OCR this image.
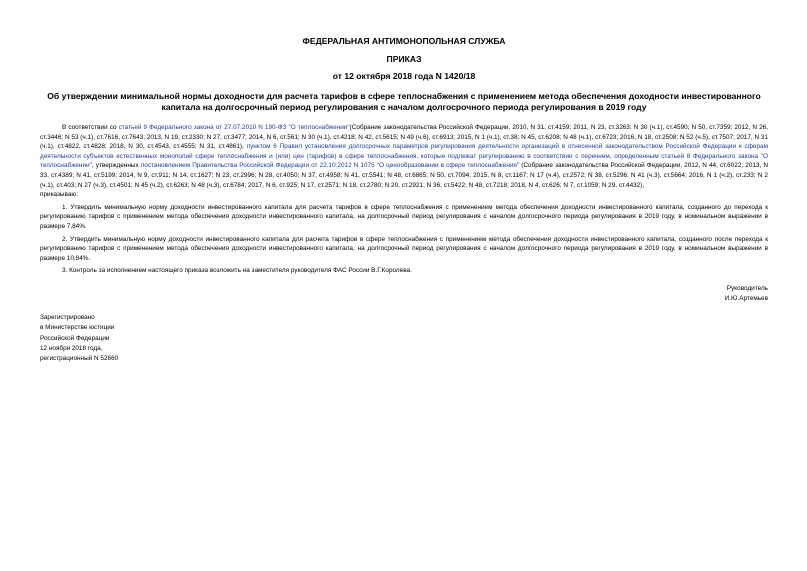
ФЕДЕРАЛЬНАЯ АНТИМОНОПОЛЬНАЯ СЛУЖБА

ПРИКАЗ

от 12 октября 2018 года N 1420/18

Об утверждении минимальной нормы доходности для расчета тарифов в сфере теплоснабжения с применением метода обеспечения доходности инвестированного капитала на долгосрочный период регулирования с началом долгосрочного периода регулирования в 2019 году

В соответствии со статьей 9 Федерального закона от 27.07.2010 N 190-ФЗ "О теплоснабжении"(Собрание законодательства Российской Федерации, 2010, N 31, ст.4159; 2011, N 23, ст.3263; N 30 (ч.1), ст.4590; N 50, ст.7359; 2012, N 26, ст.3446; N 53 (ч.1), ст.7616, ст.7643; 2013, N 19, ст.2330; N 27, ст.3477; 2014, N 6, ст.561; N 30 (ч.1), ст.4218; N 42, ст.5615; N 49 (ч.6), ст.6913; 2015, N 1 (ч.1), ст.38; N 45, ст.6208; N 48 (ч.1), ст.6723; 2016, N 18, ст.2508; N 52 (ч.5), ст.7507; 2017, N 31 (ч.1), ст.4822, ст.4828; 2018, N 30, ст.4543, ст.4555; N 31, ст.4861), пунктом 6 Правил установления долгосрочных параметров регулирования деятельности организаций в отнесенной законодательством Российской Федерации к сферам деятельности субъектов естественных монополий сфере теплоснабжения и (или) цен (тарифов) в сфере теплоснабжения, которые подлежат регулированию в соответствии с перечнем, определенным статьей 8 Федерального закона "О теплоснабжении", утвержденных постановлением Правительства Российской Федерации от 22.10.2012 N 1075 "О ценообразовании в сфере теплоснабжения" (Собрание законодательства Российской Федерации, 2012, N 44, ст.6022; 2013, N 33, ст.4389; N 41, ст.5199; 2014, N 9, ст.911; N 14, ст.1627; N 23, ст.2996; N 28, ст.4050; N 37, ст.4958; N 41, ст.5541; N 48, ст.6865; N 50, ст.7094; 2015, N 8, ст.1167; N 17 (ч.4), ст.2572; N 38, ст.5296; N 41 (ч.3), ст.5664; 2016, N 1 (ч.2), ст.233; N 2 (ч.1), ст.403; N 27 (ч.3), ст.4501; N 45 (ч.2), ст.6263; N 48 (ч.3), ст.6784; 2017, N 6, ст.925; N 17, ст.2571; N 18, ст.2780; N 20, ст.2921; N 36, ст.5422; N 48, ст.7218; 2018, N 4, ст.626; N 7, ст.1059; N 29, ст.4432),

приказываю:

1. Утвердить минимальную норму доходности инвестированного капитала для расчета тарифов в сфере теплоснабжения с применением метода обеспечения доходности инвестированного капитала, созданного до перехода к регулированию тарифов с применением метода обеспечения доходности инвестированного капитала, на долгосрочный период регулирования с началом долгосрочного периода регулирования в 2019 году, в номинальном выражении в размере 7,84%.

2. Утвердить минимальную норму доходности инвестированного капитала для расчета тарифов в сфере теплоснабжения с применением метода обеспечения доходности инвестированного капитала, созданного после перехода к регулированию тарифов с применением метода обеспечения доходности инвестированного капитала, на долгосрочный период регулирования с началом долгосрочного периода регулирования в 2019 году, в номинальном выражении в размере 10,84%.

3. Контроль за исполнением настоящего приказа возложить на заместителя руководителя ФАС России В.Г.Королева.

Руководитель
И.Ю.Артемьев
Зарегистрировано
в Министерстве юстиции
Российской Федерации
12 ноября 2018 года,
регистрационный N 52660
